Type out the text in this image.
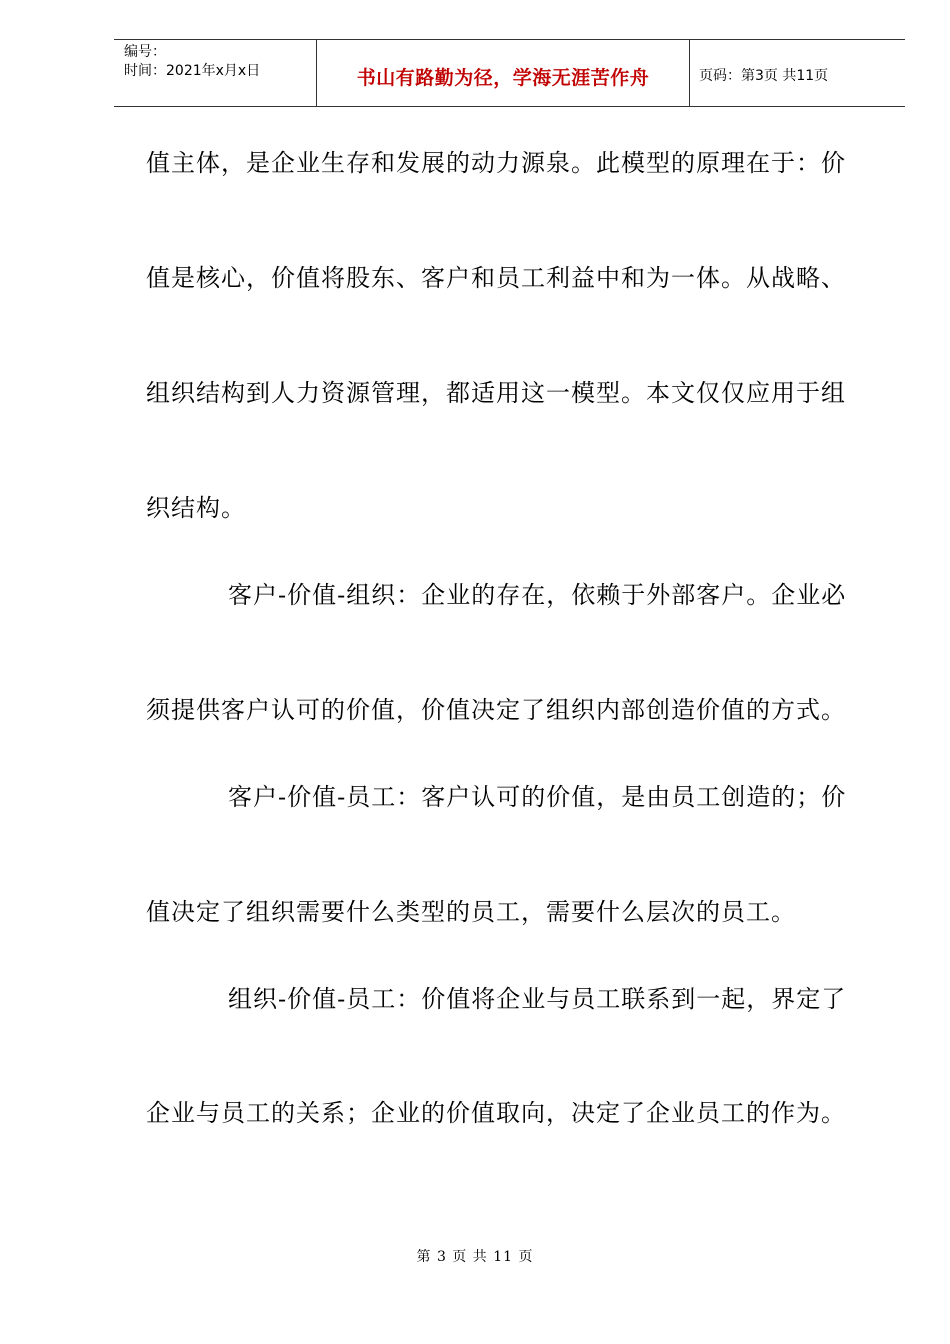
编号：
时间：2021年x月x日	书山有路勤为径，学海无涯苦作舟	页码：第3页 共11页
值主体，是企业生存和发展的动力源泉。此模型的原理在于：价
值是核心，价值将股东、客户和员工利益中和为一体。从战略、
组织结构到人力资源管理，都适用这一模型。本文仅仅应用于组
织结构。
客户-价值-组织：企业的存在，依赖于外部客户。企业必
须提供客户认可的价值，价值决定了组织内部创造价值的方式。
客户-价值-员工：客户认可的价值，是由员工创造的；价
值决定了组织需要什么类型的员工，需要什么层次的员工。
组织-价值-员工：价值将企业与员工联系到一起，界定了
企业与员工的关系；企业的价值取向，决定了企业员工的作为。
第 3 页 共 11 页
